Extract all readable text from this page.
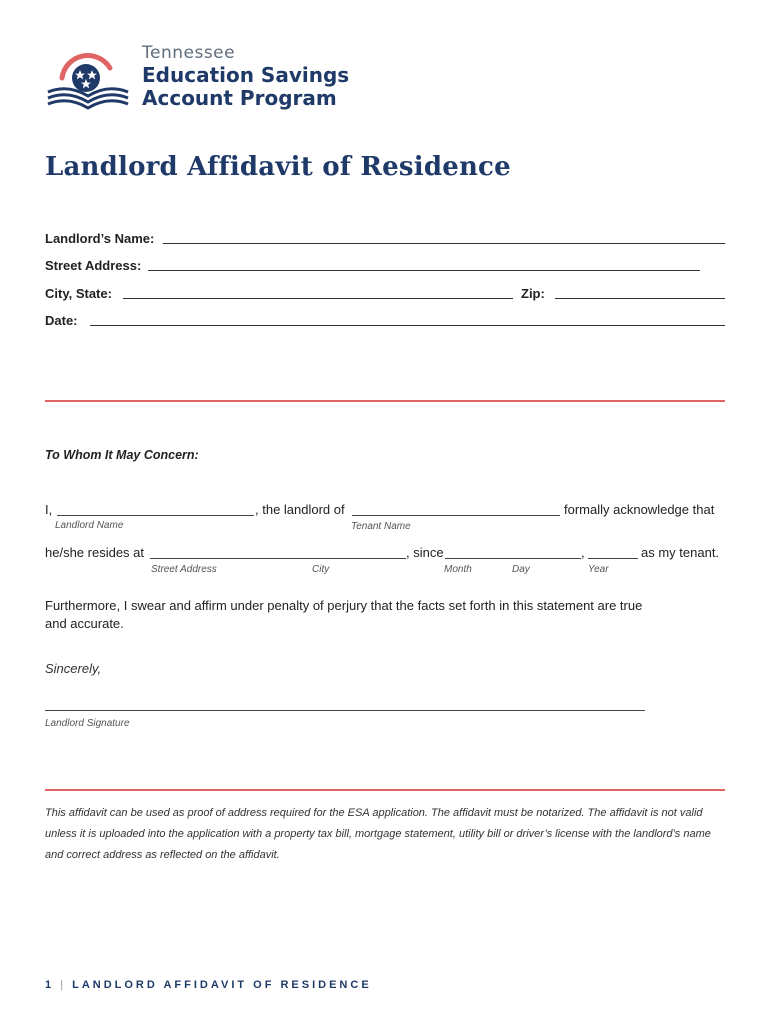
Tennessee
Education Savings
Account Program
Landlord Affidavit of Residence
Landlord’s Name:
Street Address:
City, State:	Zip:
Date:
To Whom It May Concern:
I,	, the landlord of	formally acknowledge that
Landlord Name	Tenant Name
he/she resides at	, since	,	as my tenant.
Street Address	City	Month	Day	Year
Furthermore, I swear and affirm under penalty of perjury that the facts set forth in this statement are true
and accurate.
Sincerely,
Landlord Signature
This affidavit can be used as proof of address required for the ESA application. The affidavit must be notarized. The affidavit is not valid unless it is uploaded into the application with a property tax bill, mortgage statement, utility bill or driver’s license with the landlord’s name and correct address as reflected on the affidavit.
1 | LANDLORD AFFIDAVIT OF RESIDENCE
